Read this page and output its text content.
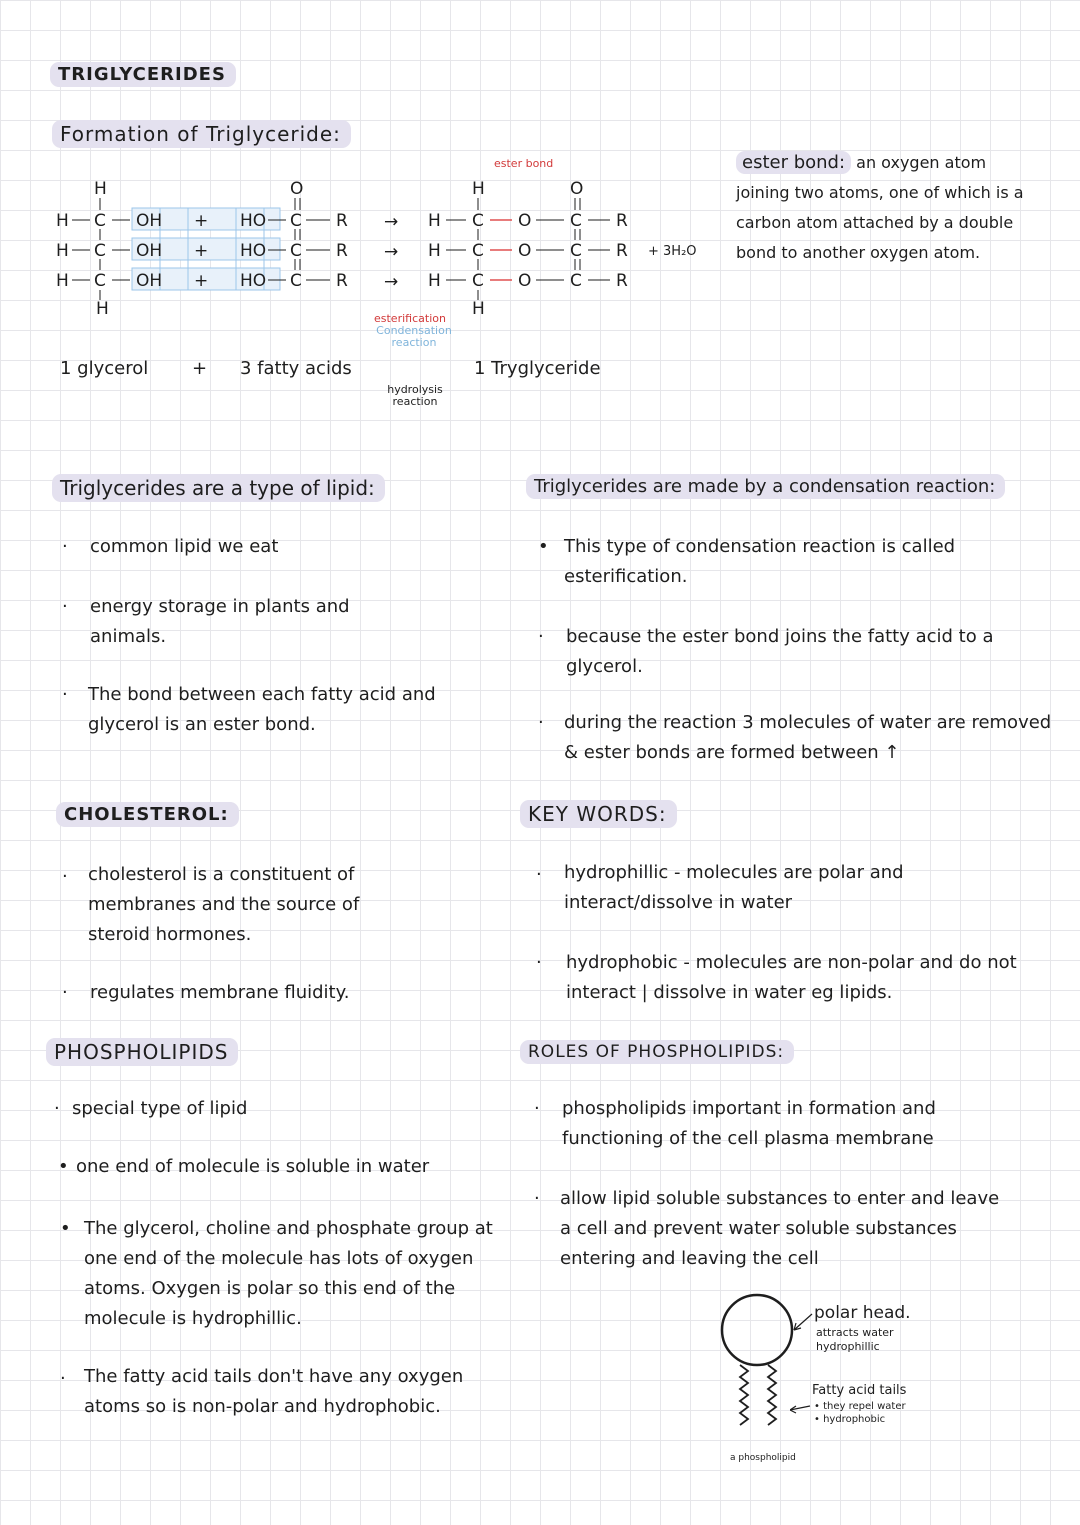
TRIGLYCERIDES
Formation of Triglyceride:
ester bond
H
H C OH
H C OH
H C OH
H
+
+
+
O
HO C R
HO C R
HO C R
→
→
→
H
H C O C R
O
H C O C R
H C O C R
H
+ 3H₂O
esterification
Condensation reaction
hydrolysis reaction
1 glycerol + 3 fatty acids	1 Tryglyceride
ester bond: an oxygen atom joining two atoms, one of which is a carbon atom attached by a double bond to another oxygen atom.
Triglycerides are a type of lipid:
· common lipid we eat
· energy storage in plants and animals.
· The bond between each fatty acid and glycerol is an ester bond.
Triglycerides are made by a condensation reaction:
• This type of condensation reaction is called esterification.
· because the ester bond joins the fatty acid to a glycerol.
· during the reaction 3 molecules of water are removed & ester bonds are formed between ↑
CHOLESTEROL:
· cholesterol is a constituent of membranes and the source of steroid hormones.
· regulates membrane fluidity.
KEY WORDS:
· hydrophillic - molecules are polar and interact/dissolve in water
· hydrophobic - molecules are non-polar and do not interact | dissolve in water eg lipids.
PHOSPHOLIPIDS
· special type of lipid
• one end of molecule is soluble in water
• The glycerol, choline and phosphate group at one end of the molecule has lots of oxygen atoms. Oxygen is polar so this end of the molecule is hydrophillic.
· The fatty acid tails don't have any oxygen atoms so is non-polar and hydrophobic.
ROLES OF PHOSPHOLIPIDS:
· phospholipids important in formation and functioning of the cell plasma membrane
· allow lipid soluble substances to enter and leave a cell and prevent water soluble substances entering and leaving the cell
polar head.
attracts water
hydrophillic
Fatty acid tails
• they repel water
• hydrophobic
a phospholipid
